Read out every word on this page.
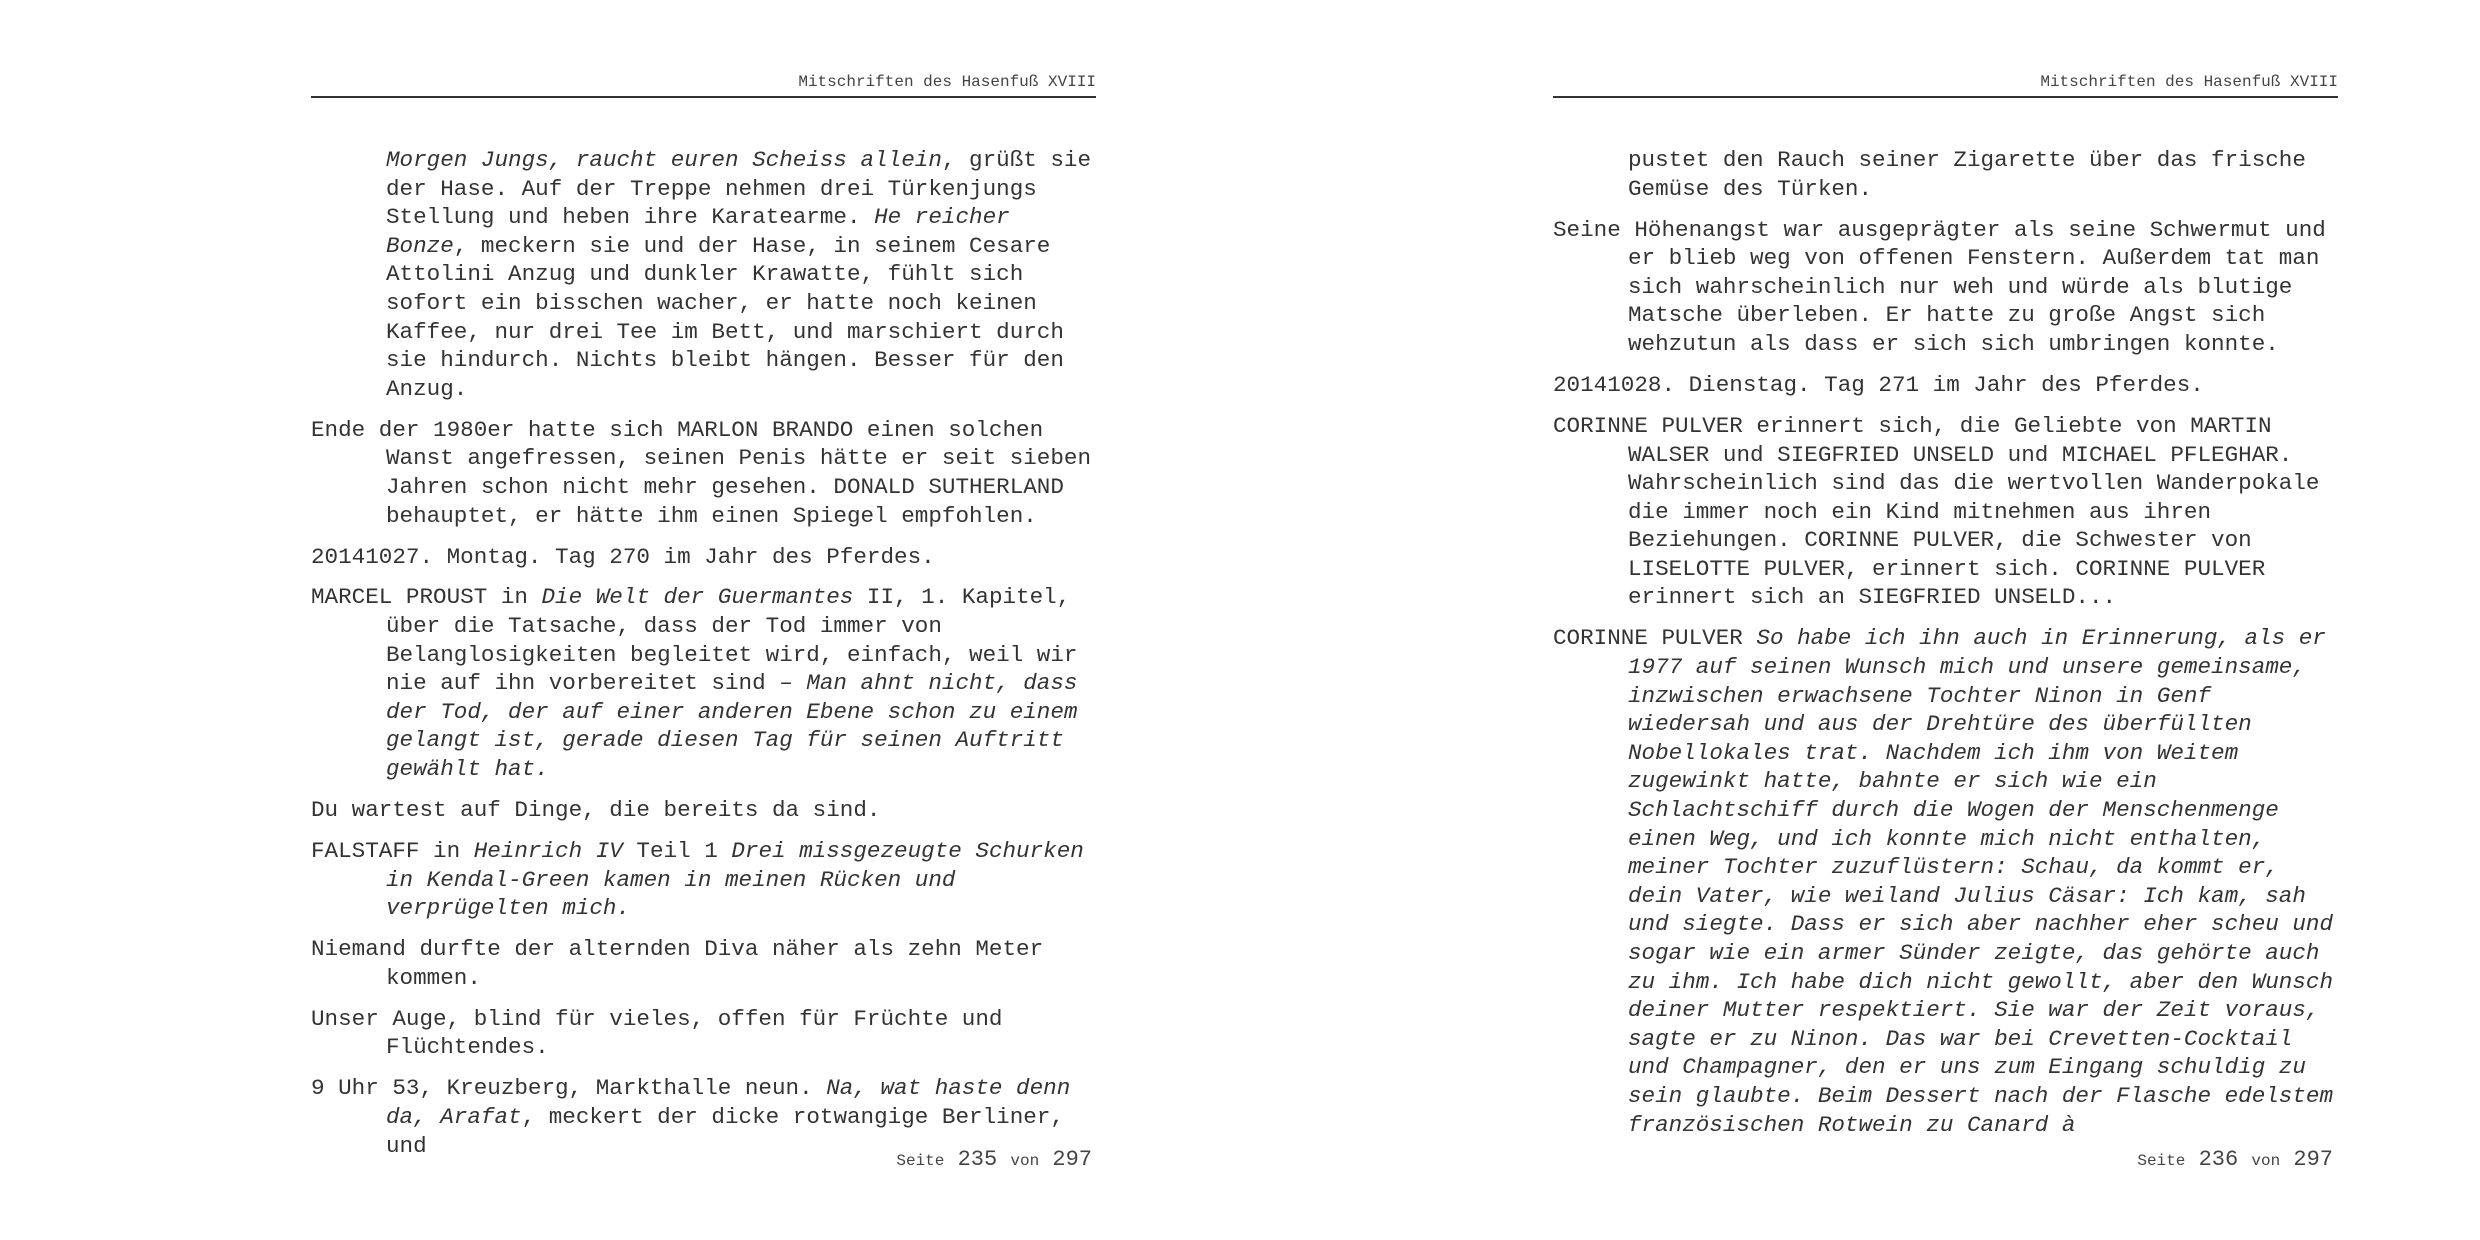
Mitschriften des Hasenfuß XVIII

Morgen Jungs, raucht euren Scheiss allein, grüßt sie der Hase. Auf der Treppe nehmen drei Türkenjungs Stellung und heben ihre Karatearme. He reicher Bonze, meckern sie und der Hase, in seinem Cesare Attolini Anzug und dunkler Krawatte, fühlt sich sofort ein bisschen wacher, er hatte noch keinen Kaffee, nur drei Tee im Bett, und marschiert durch sie hindurch. Nichts bleibt hängen. Besser für den Anzug.

Ende der 1980er hatte sich MARLON BRANDO einen solchen Wanst angefressen, seinen Penis hätte er seit sieben Jahren schon nicht mehr gesehen. DONALD SUTHERLAND behauptet, er hätte ihm einen Spiegel empfohlen.

20141027. Montag. Tag 270 im Jahr des Pferdes.

MARCEL PROUST in Die Welt der Guermantes II, 1. Kapitel, über die Tatsache, dass der Tod immer von Belanglosigkeiten begleitet wird, einfach, weil wir nie auf ihn vorbereitet sind – Man ahnt nicht, dass der Tod, der auf einer anderen Ebene schon zu einem gelangt ist, gerade diesen Tag für seinen Auftritt gewählt hat.

Du wartest auf Dinge, die bereits da sind.

FALSTAFF in Heinrich IV Teil 1 Drei missgezeugte Schurken in Kendal-Green kamen in meinen Rücken und verprügelten mich.

Niemand durfte der alternden Diva näher als zehn Meter kommen.

Unser Auge, blind für vieles, offen für Früchte und Flüchtendes.

9 Uhr 53, Kreuzberg, Markthalle neun. Na, wat haste denn da, Arafat, meckert der dicke rotwangige Berliner, und

Seite 235 von 297
Mitschriften des Hasenfuß XVIII

pustet den Rauch seiner Zigarette über das frische Gemüse des Türken.

Seine Höhenangst war ausgeprägter als seine Schwermut und er blieb weg von offenen Fenstern. Außerdem tat man sich wahrscheinlich nur weh und würde als blutige Matsche überleben. Er hatte zu große Angst sich wehzutun als dass er sich sich umbringen konnte.

20141028. Dienstag. Tag 271 im Jahr des Pferdes.

CORINNE PULVER erinnert sich, die Geliebte von MARTIN WALSER und SIEGFRIED UNSELD und MICHAEL PFLEGHAR. Wahrscheinlich sind das die wertvollen Wanderpokale die immer noch ein Kind mitnehmen aus ihren Beziehungen. CORINNE PULVER, die Schwester von LISELOTTE PULVER, erinnert sich. CORINNE PULVER erinnert sich an SIEGFRIED UNSELD...

CORINNE PULVER So habe ich ihn auch in Erinnerung, als er 1977 auf seinen Wunsch mich und unsere gemeinsame, inzwischen erwachsene Tochter Ninon in Genf wiedersah und aus der Drehtüre des überfüllten Nobellokales trat. Nachdem ich ihm von Weitem zugewinkt hatte, bahnte er sich wie ein Schlachtschiff durch die Wogen der Menschenmenge einen Weg, und ich konnte mich nicht enthalten, meiner Tochter zuzuflüstern: Schau, da kommt er, dein Vater, wie weiland Julius Cäsar: Ich kam, sah und siegte. Dass er sich aber nachher eher scheu und sogar wie ein armer Sünder zeigte, das gehörte auch zu ihm. Ich habe dich nicht gewollt, aber den Wunsch deiner Mutter respektiert. Sie war der Zeit voraus, sagte er zu Ninon. Das war bei Crevetten-Cocktail und Champagner, den er uns zum Eingang schuldig zu sein glaubte. Beim Dessert nach der Flasche edelstem französischen Rotwein zu Canard à

Seite 236 von 297
